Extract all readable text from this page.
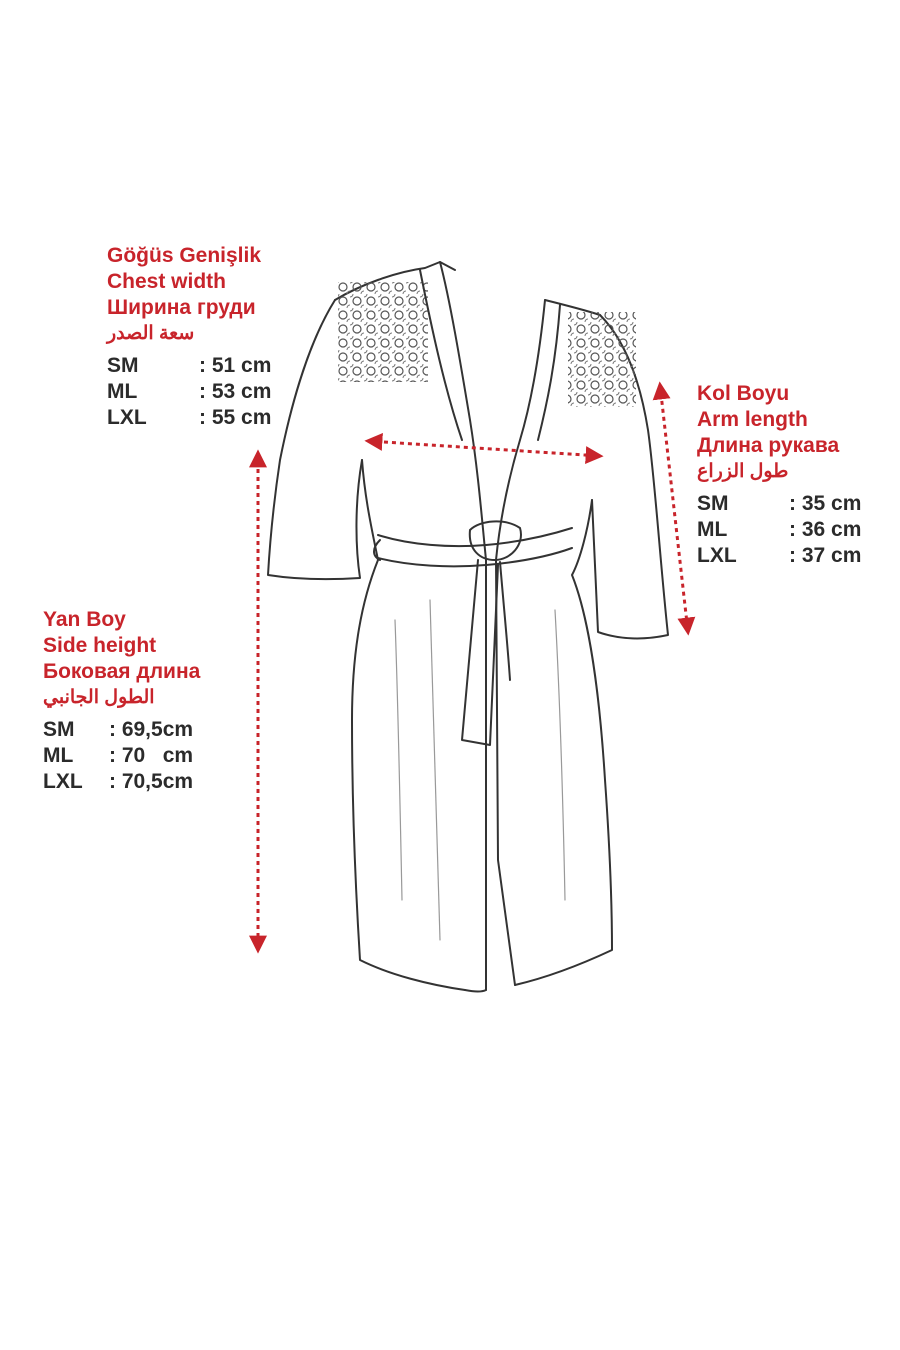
Göğüs Genişlik
Chest width
Ширина груди
سعة الصدر
SM	: 51 cm
ML	: 53 cm
LXL	: 55 cm
Kol Boyu
Arm length
Длина рукава
طول الزراع
SM	: 35 cm
ML	: 36 cm
LXL	: 37 cm
Yan Boy
Side height
Боковая длина
الطول الجانبي
SM	: 69,5cm
ML	: 70   cm
LXL	: 70,5cm
